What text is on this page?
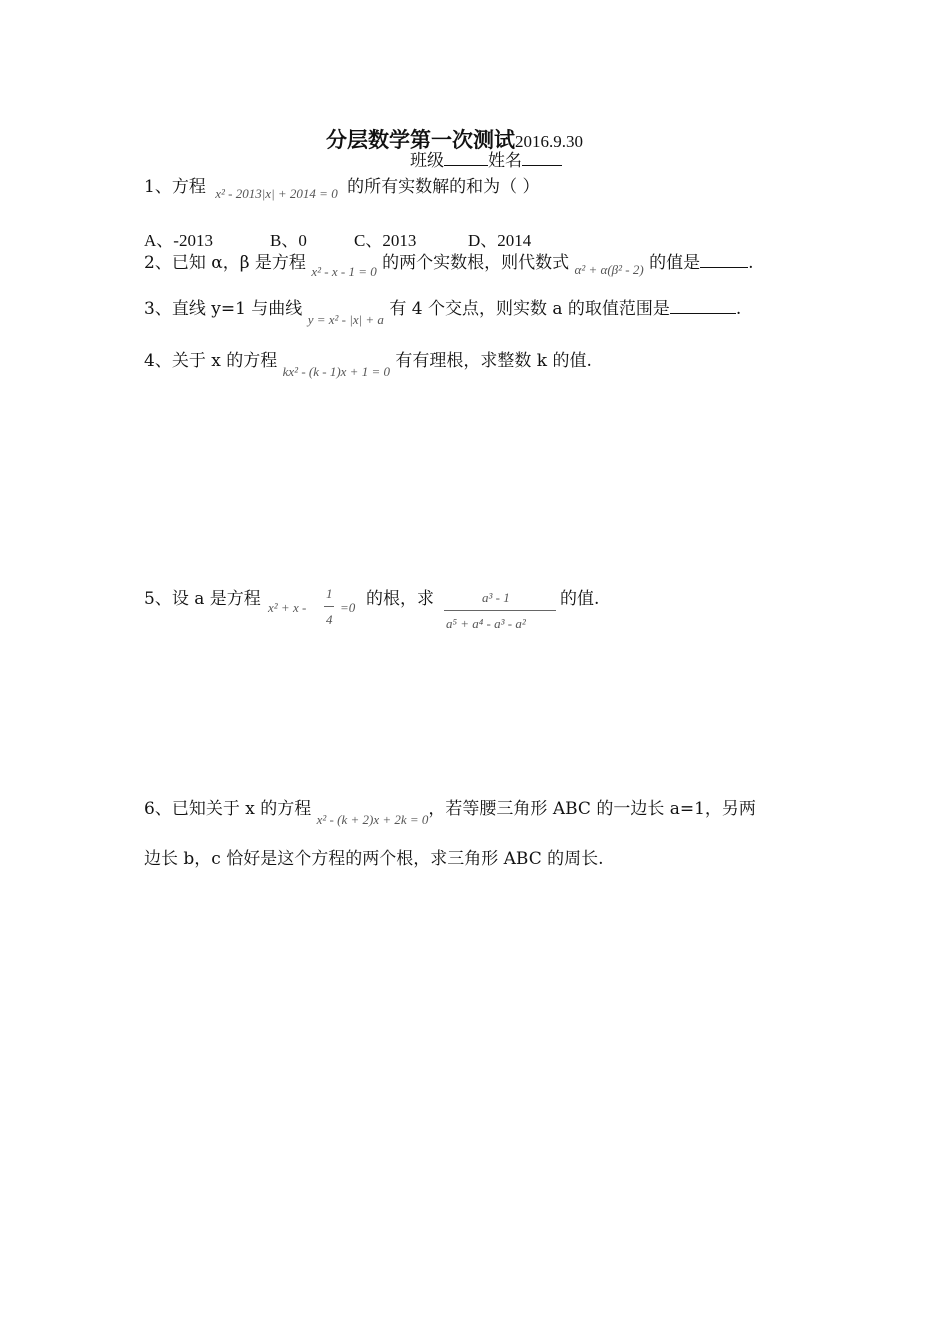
分层数学第一次测试2016.9.30
班级	姓名
1、方程 $_{x^2 - 2013|x| + 2014 = 0}$ 的所有实数解的和为（ ）
A、-2013	B、0	C、2013	D、2014
2、已知 α，β 是方程 $_{x^2 - x - 1 = 0}$ 的两个实数根，则代数式 $_{\alpha^2 + \alpha(\beta^2 - 2)}$ 的值是	.
3、直线 y=1 与曲线 $_{y = x^2 - |x| + a}$ 有 4 个交点，则实数 a 的取值范围是	.
4、关于 x 的方程 $_{kx^2 - (k - 1)x + 1 = 0}$ 有有理根，求整数 k 的值.
5、设 a 是方程 x² + x -
1
4
=0 的根，求	a³ - 1
a⁵ + a⁴ - a³ - a²
的值.
6、已知关于 x 的方程 $_{x^2 - (k + 2)x + 2k = 0}$，若等腰三角形 ABC 的一边长 a=1，另两
边长 b，c 恰好是这个方程的两个根，求三角形 ABC 的周长.
